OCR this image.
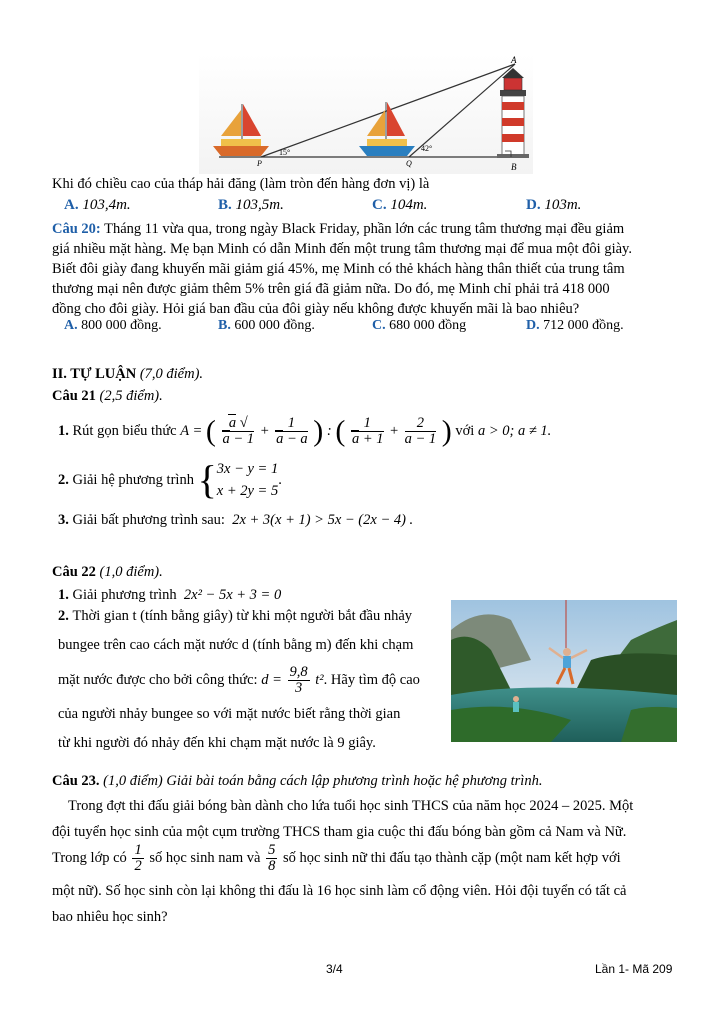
A
B
P	Q
15°	42°
Khi đó chiều cao của tháp hải đăng (làm tròn đến hàng đơn vị) là
A. 103,4m.	B. 103,5m.	C. 104m.	D. 103m.
Câu 20: Tháng 11 vừa qua, trong ngày Black Friday, phần lớn các trung tâm thương mại đều giảm
giá nhiều mặt hàng. Mẹ bạn Minh có dẫn Minh đến một trung tâm thương mại để mua một đôi giày.
Biết đôi giày đang khuyến mãi giảm giá 45%, mẹ Minh có thẻ khách hàng thân thiết của trung tâm
thương mại nên được giảm thêm 5% trên giá đã giảm nữa. Do đó, mẹ Minh chỉ phải trả 418 000
đồng cho đôi giày. Hỏi giá ban đầu của đôi giày nếu không được khuyến mãi là bao nhiêu?
A. 800 000 đồng.	B. 600 000 đồng.	C. 680 000 đồng	D. 712 000 đồng.
II. TỰ LUẬN (7,0 điểm).
Câu 21 (2,5 điểm).
1.
Rút gọn biểu thức
A = ( $\frac{a √}{a - 1} + \frac{1}{a - a}$ ) : ( $\frac{1}{a + 1} + \frac{2}{a - 1}$ )
với
a > 0; a ≠ 1.
2.
Giải hệ phương trình
{ 3x − y = 1
x + 2y = 5
.
3. Giải bất phương trình sau: 2x + 3(x + 1) > 5x − (2x − 4) .
Câu 22 (1,0 điểm).
1. Giải phương trình 2x² − 5x + 3 = 0
2. Thời gian t (tính bằng giây) từ khi một người bắt đầu nhảy
bungee trên cao cách mặt nước d (tính bằng m) đến khi chạm
mặt nước được cho bởi công thức:
$d = \frac{9,8}{3} t^2$ . Hãy tìm độ cao
của người nhảy bungee so với mặt nước biết rằng thời gian
từ khi người đó nhảy đến khi chạm mặt nước là 9 giây.
Câu 23. (1,0 điểm) Giải bài toán bằng cách lập phương trình hoặc hệ phương trình.
Trong đợt thi đấu giải bóng bàn dành cho lứa tuổi học sinh THCS của năm học 2024 – 2025. Một
đội tuyển học sinh của một cụm trường THCS tham gia cuộc thi đấu bóng bàn gồm cả Nam và Nữ.
Trong lớp có
$\frac{1}{2}$
số học sinh nam và
$\frac{5}{8}$
số học sinh nữ thi đấu tạo thành cặp (một nam kết hợp với
một nữ). Số học sinh còn lại không thi đấu là 16 học sinh làm cổ động viên. Hỏi đội tuyển có tất cả
bao nhiêu học sinh?
3/4	Lần 1- Mã 209
